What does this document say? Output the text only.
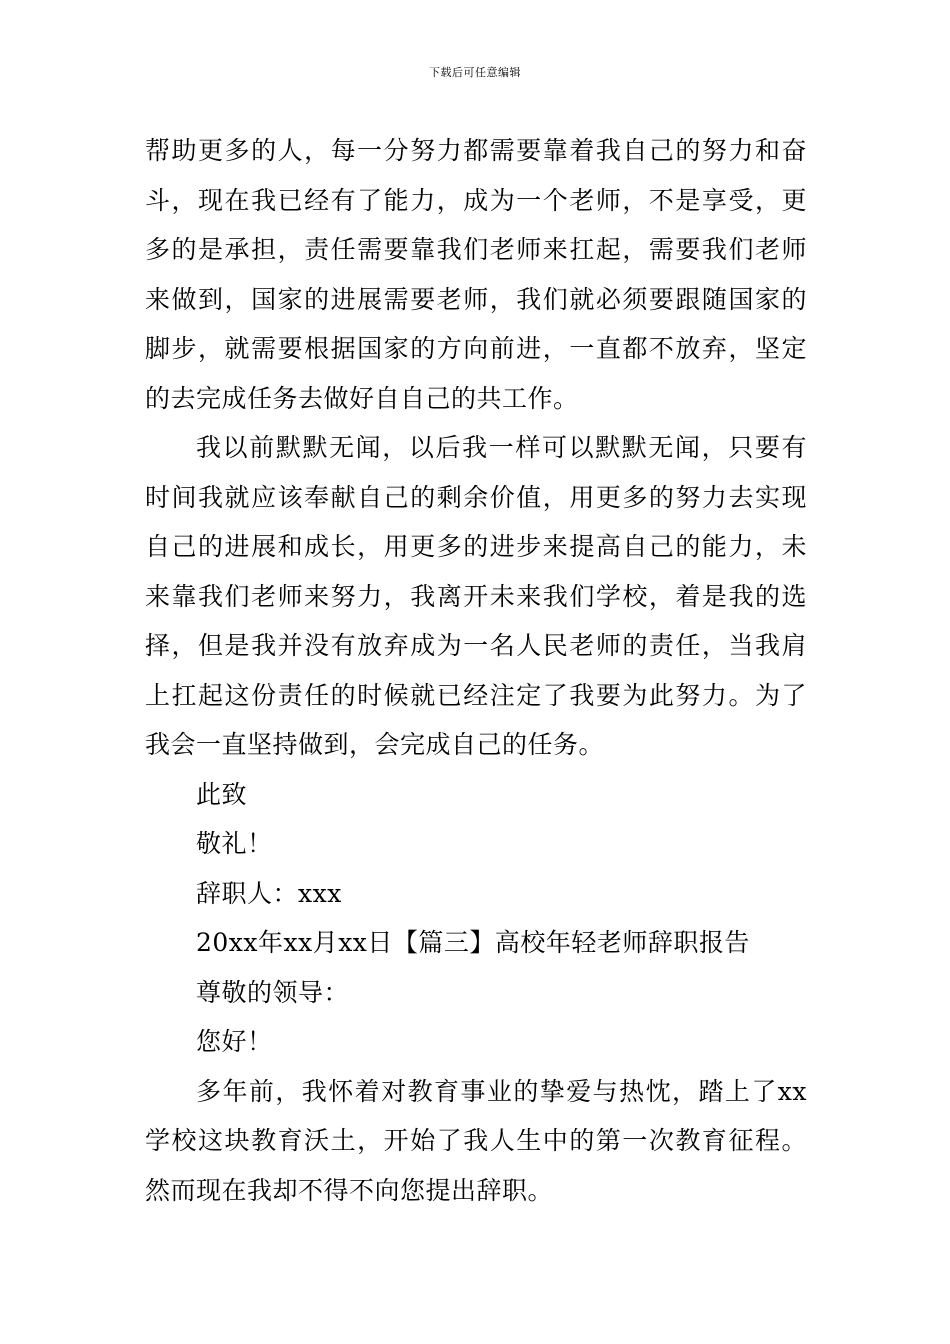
下载后可任意编辑

帮助更多的人，每一分努力都需要靠着我自己的努力和奋斗，现在我已经有了能力，成为一个老师，不是享受，更多的是承担，责任需要靠我们老师来扛起，需要我们老师来做到，国家的进展需要老师，我们就必须要跟随国家的脚步，就需要根据国家的方向前进，一直都不放弃，坚定的去完成任务去做好自自己的共工作。

我以前默默无闻，以后我一样可以默默无闻，只要有时间我就应该奉献自己的剩余价值，用更多的努力去实现自己的进展和成长，用更多的进步来提高自己的能力，未来靠我们老师来努力，我离开未来我们学校，着是我的选择，但是我并没有放弃成为一名人民老师的责任，当我肩上扛起这份责任的时候就已经注定了我要为此努力。为了我会一直坚持做到，会完成自己的任务。

此致

敬礼！

辞职人：xxx

20xx年xx月xx日【篇三】高校年轻老师辞职报告

尊敬的领导：

您好！

多年前，我怀着对教育事业的挚爱与热忱，踏上了xx学校这块教育沃土，开始了我人生中的第一次教育征程。然而现在我却不得不向您提出辞职。
